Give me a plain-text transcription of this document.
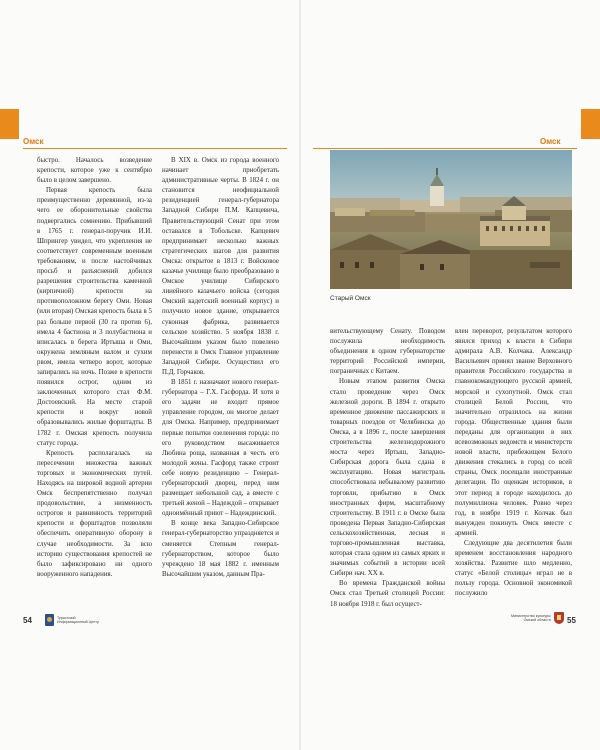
Омск

быстро. Началось возведение крепости, которое уже к сентябрю было в целом завершено.

Первая крепость была преимущественно деревянной, из-за чего ее оборонительные свойства подвергались сомнению. Прибывший в 1765 г. генерал-поручик И.И. Шпрингер увидел, что укрепления не соответствует современным военным требованиям, и после настойчивых просьб и разъяснений добился разрешения строительства каменной (кирпичной) крепости на противоположном берегу Оми. Новая (или вторая) Омская крепость была в 5 раз больше первой (30 га против 6), имела 4 бастиона и 3 полубастиона и вписалась в берега Иртыша и Оми, окружена земляным валом и сухим рвом, имела четверо ворот, которые запирались на ночь. Позже в крепости появился острог, одним из заключенных которого стал Ф.М. Достоевский. На месте старой крепости и вокруг новой образовывались жилые форштадты. В 1782 г. Омская крепость получила статус города.

Крепость располагалась на пересечении множества важных торговых и экономических путей. Находясь на широкой водной артерии Омск беспрепятственно получал продовольствие, а низменность острогов и равнинность территорий крепости и форштадтов позволяли обеспечить оперативную оборону в случае необходимости. За всю историю существования крепостей не было зафиксировано ни одного вооруженного нападения.

В XIX в. Омск из города военного начинает приобретать административные черты. В 1824 г. он становится неофициальной резиденцией генерал-губернатора Западной Сибири П.М. Капцевича, Правительствующий Сенат при этом оставался в Тобольске. Капцевич предпринимает несколько важных стратегических шагов для развития Омска: открытое в 1813 г. Войсковое казачье училище было преобразовано в Омское училище Сибирского линейного казачьего войска (сегодня Омский кадетский военный корпус) и получило новое здание, открывается суконная фабрика, развивается сельское хозяйство. 5 ноября 1838 г. Высочайшим указом было повелено перенести в Омск Главное управление Западной Сибири. Осуществил его П.Д. Горчаков.

В 1851 г. назначают нового генерал-губернатора – Г.Х. Гасфорда. И хотя в его задачи не входит прямое управление городом, он многое делает для Омска. Например, предпринимает первые попытки озеленения города: по его руководством высаживается Любина роща, названная в честь его молодой жены. Гасфорд также строит себе новую резиденцию – Генерал-губернаторский дворец, перед ним размещает небольшой сад, а вместе с третьей женой – Надеждой – открывает одноимённый приют – Надеждинский.

В конце века Западно-Сибирское генерал-губернаторство упраздняется и сменяется Степным генерал-губернаторством, которое было учреждено 18 мая 1882 г. именным Высочайшим указом, данным Пра-

54	Туристский
Информационный Центр
Омск
Старый Омск

вительствующему Сенату. Поводом послужила необходимость объединения в одном губернаторстве территорий Российской империи, пограничных с Китаем.

Новым этапом развития Омска стало проведение через Омск железной дороги. В 1894 г. открыто временное движение пассажирских и товарных поездов от Челябинска до Омска, а в 1896 г., после завершения строительства железнодорожного моста через Иртыш, Западно-Сибирская дорога была сдана в эксплуатацию. Новая магистраль способствовала небывалому развитию торговли, прибытию в Омск иностранных фирм, масштабному строительству. В 1911 г. в Омске была проведена Первая Западно-Сибирская сельскохозяйственная, лесная и торгово-промышленная выставка, которая стала одним из самых ярких и значимых событий в истории всей Сибири нач. XX в.

Во времена Гражданской войны Омск стал Третьей столицей России: 18 ноября 1918 г. был осущест-

влен переворот, результатом которого явился приход к власти в Сибири адмирала А.В. Колчака. Александр Васильевич принял звание Верховного правителя Российского государства и главнокомандующего русской армией, морской и сухопутной. Омск стал столицей Белой России, что значительно отразилось на жизни города. Общественные здания были переданы для организации в них всевозможных ведомств и министерств новой власти, прибежищем Белого движения стекались в город со всей страны, Омск посещали иностранные делегации. По оценкам историков, в этот период в городе находилось до полумиллиона человек. Ровно через год, в ноябре 1919 г. Колчак был вынужден покинуть Омск вместе с армией.

Следующие два десятилетия были временем восстановления народного хозяйства. Развитие шло медленно, статус «Белой столицы» играл не в пользу города. Основной экономикой послужило

Министерство культуры
Омской области 55
